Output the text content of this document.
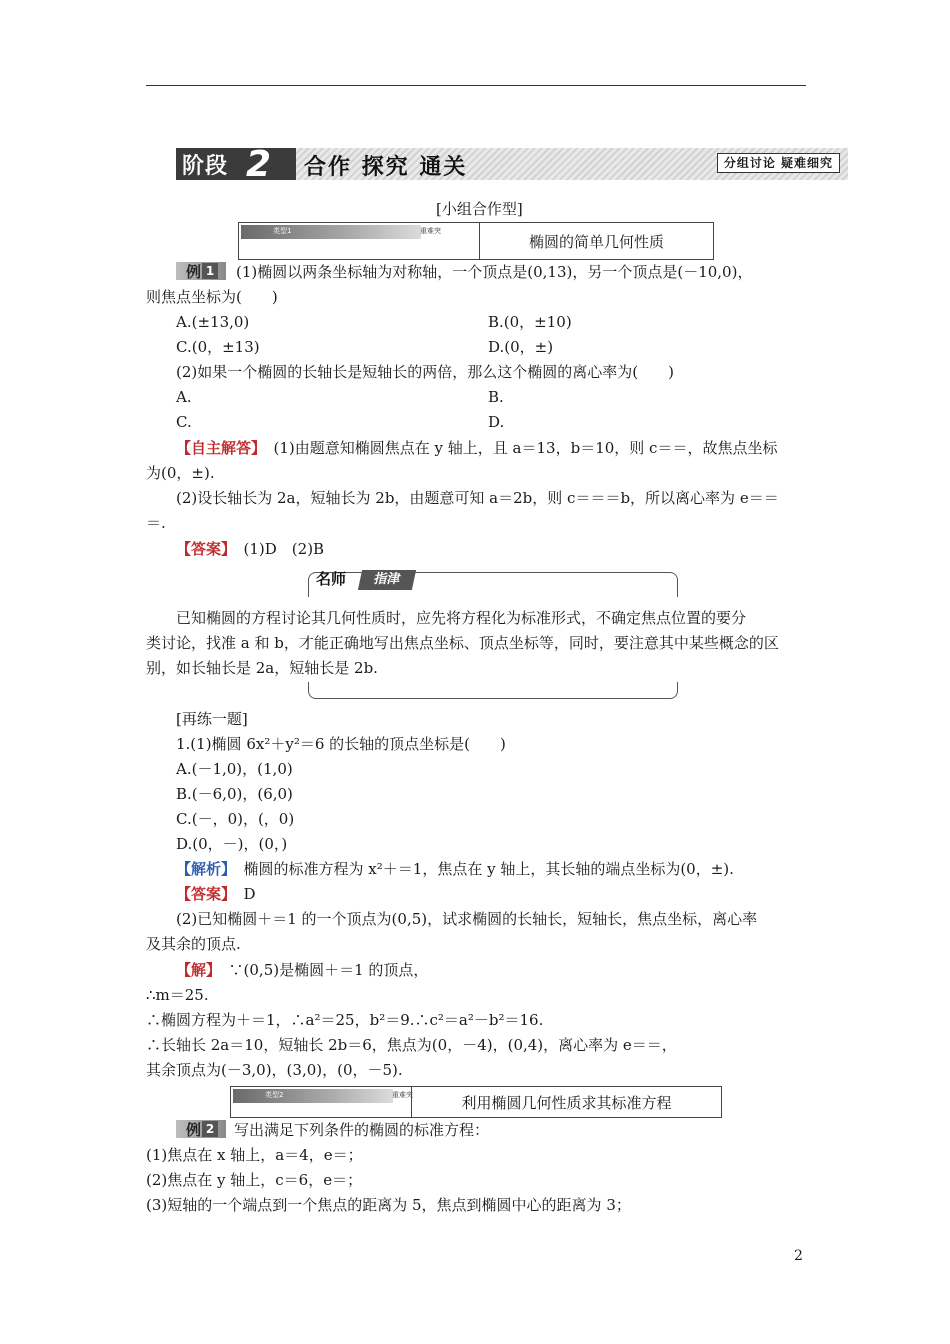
阶段 2 合作 探究 通关	分组讨论 疑难细究
[小组合作型]
类型1	重难突
椭圆的简单几何性质
例 1 (1)椭圆以两条坐标轴为对称轴，一个顶点是(0,13)，另一个顶点是(－10,0)，
则焦点坐标为(　　)
A.(±13,0)	B.(0，±10)
C.(0，±13)	D.(0，±)
(2)如果一个椭圆的长轴长是短轴长的两倍，那么这个椭圆的离心率为(　　)
A.	B.
C.	D.
【自主解答】　 (1)由题意知椭圆焦点在 y 轴上，且 a＝13，b＝10，则 c＝＝，故焦点坐标
为(0，±).
(2)设长轴长为 2a，短轴长为 2b，由题意可知 a＝2b，则 c＝＝＝b，所以离心率为 e＝＝
＝.
【答案】　 (1)D　(2)B
名师	指津
已知椭圆的方程讨论其几何性质时，应先将方程化为标准形式，不确定焦点位置的要分
类讨论，找准 a 和 b，才能正确地写出焦点坐标、顶点坐标等，同时，要注意其中某些概念的区
别，如长轴长是 2a，短轴长是 2b.
[再练一题]
1.(1)椭圆 6x²＋y²＝6 的长轴的顶点坐标是(　　)
A.(－1,0)，(1,0)
B.(－6,0)，(6,0)
C.(－，0)，(，0)
D.(0，－)，(0，)
【解析】　 椭圆的标准方程为 x²＋＝1，焦点在 y 轴上，其长轴的端点坐标为(0，±).
【答案】　 D
(2)已知椭圆＋＝1 的一个顶点为(0,5)，试求椭圆的长轴长，短轴长，焦点坐标，离心率
及其余的顶点.
【解】　 ∵(0,5)是椭圆＋＝1 的顶点，
∴m＝25.
∴椭圆方程为＋＝1，∴a²＝25，b²＝9.∴c²＝a²－b²＝16.
∴长轴长 2a＝10，短轴长 2b＝6，焦点为(0，－4)，(0,4)，离心率为 e＝＝，
其余顶点为(－3,0)，(3,0)，(0，－5).
类型2	重难突	利用椭圆几何性质求其标准方程
例 2 写出满足下列条件的椭圆的标准方程：
(1)焦点在 x 轴上，a＝4，e＝；
(2)焦点在 y 轴上，c＝6，e＝；
(3)短轴的一个端点到一个焦点的距离为 5，焦点到椭圆中心的距离为 3；
2
